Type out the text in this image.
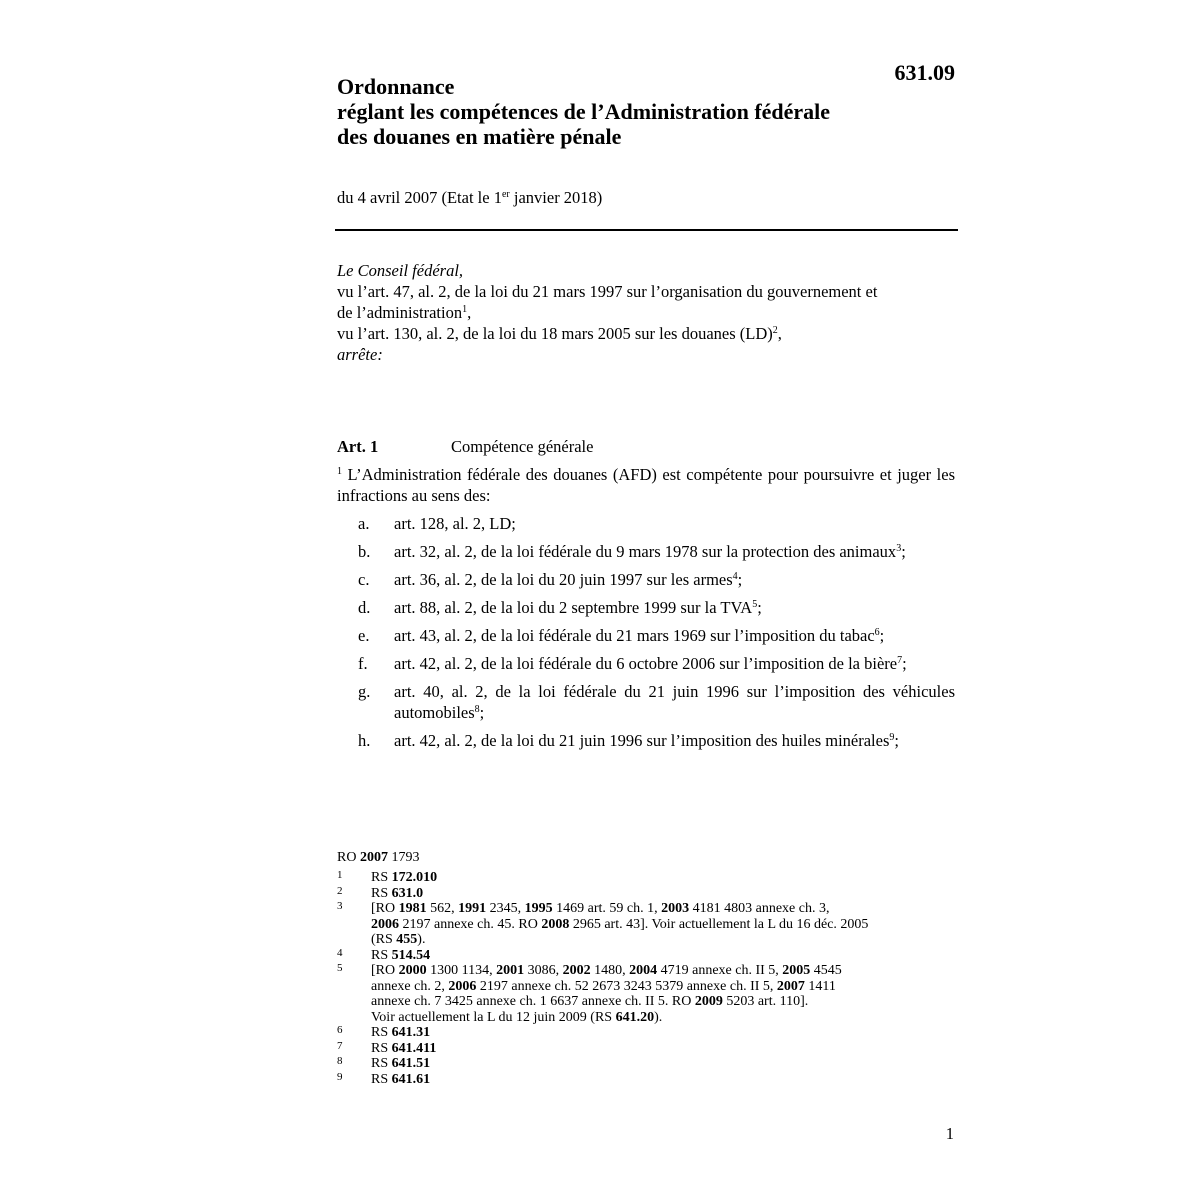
631.09
Ordonnance
réglant les compétences de l’Administration fédérale
des douanes en matière pénale
du 4 avril 2007 (Etat le 1er janvier 2018)
Le Conseil fédéral,
vu l’art. 47, al. 2, de la loi du 21 mars 1997 sur l’organisation du gouvernement et
de l’administration$^1$,
vu l’art. 130, al. 2, de la loi du 18 mars 2005 sur les douanes (LD)$^2$,
arrête:
Art. 1	Compétence générale
$^1$ L’Administration fédérale des douanes (AFD) est compétente pour poursuivre et juger les infractions au sens des:
a. art. 128, al. 2, LD;
b. art. 32, al. 2, de la loi fédérale du 9 mars 1978 sur la protection des animaux$^3$;
c. art. 36, al. 2, de la loi du 20 juin 1997 sur les armes$^4$;
d. art. 88, al. 2, de la loi du 2 septembre 1999 sur la TVA$^5$;
e. art. 43, al. 2, de la loi fédérale du 21 mars 1969 sur l’imposition du tabac$^6$;
f. art. 42, al. 2, de la loi fédérale du 6 octobre 2006 sur l’imposition de la bière$^7$;
g. art. 40, al. 2, de la loi fédérale du 21 juin 1996 sur l’imposition des véhicules automobiles$^8$;
h. art. 42, al. 2, de la loi du 21 juin 1996 sur l’imposition des huiles minérales$^9$;
RO 2007 1793
1 RS 172.010
2 RS 631.0
3 [RO 1981 562, 1991 2345, 1995 1469 art. 59 ch. 1, 2003 4181 4803 annexe ch. 3,
2006 2197 annexe ch. 45. RO 2008 2965 art. 43]. Voir actuellement la L du 16 déc. 2005
(RS 455).
4 RS 514.54
5 [RO 2000 1300 1134, 2001 3086, 2002 1480, 2004 4719 annexe ch. II 5, 2005 4545
annexe ch. 2, 2006 2197 annexe ch. 52 2673 3243 5379 annexe ch. II 5, 2007 1411
annexe ch. 7 3425 annexe ch. 1 6637 annexe ch. II 5. RO 2009 5203 art. 110].
Voir actuellement la L du 12 juin 2009 (RS 641.20).
6 RS 641.31
7 RS 641.411
8 RS 641.51
9 RS 641.61
1
